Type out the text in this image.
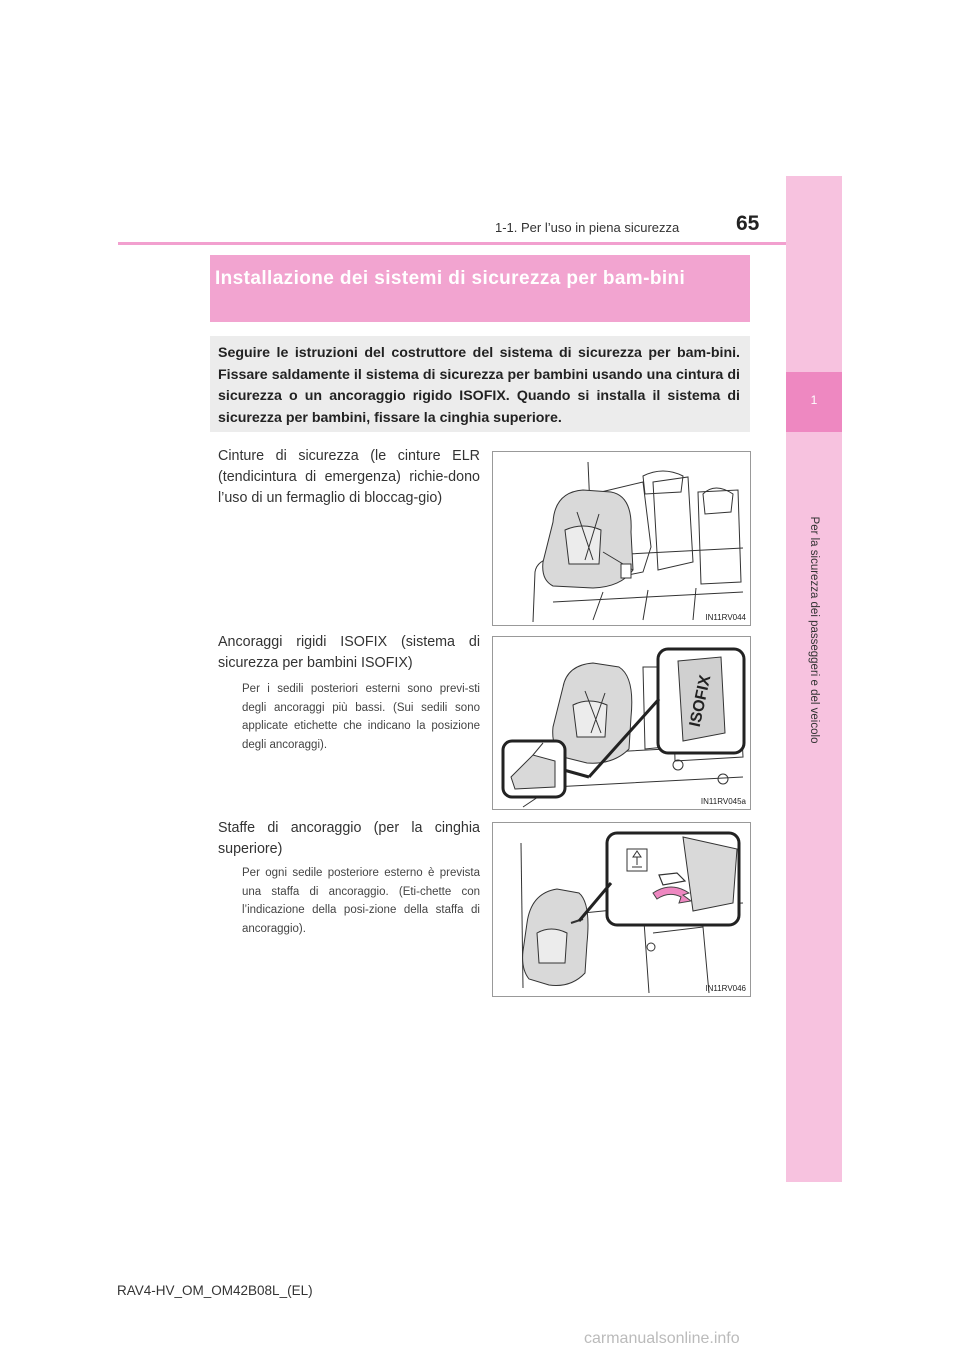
1-1. Per l’uso in piena sicurezza	65
1
Per la sicurezza dei passeggeri e del veicolo

Installazione dei sistemi di sicurezza per bam-bini

Seguire le istruzioni del costruttore del sistema di sicurezza per bam-bini. Fissare saldamente il sistema di sicurezza per bambini usando una cintura di sicurezza o un ancoraggio rigido ISOFIX. Quando si installa il sistema di sicurezza per bambini, fissare la cinghia superiore.

Cinture di sicurezza (le cinture ELR (tendicintura di emergenza) richie-dono l’uso di un fermaglio di bloccag-gio)

IN11RV044

Ancoraggi rigidi ISOFIX (sistema di sicurezza per bambini ISOFIX)

Per i sedili posteriori esterni sono previ-sti degli ancoraggi più bassi. (Sui sedili sono applicate etichette che indicano la posizione degli ancoraggi).

ISOFIX
IN11RV045a

Staffe di ancoraggio (per la cinghia superiore)

Per ogni sedile posteriore esterno è prevista una staffa di ancoraggio. (Eti-chette con l’indicazione della posi-zione della staffa di ancoraggio).

IN11RV046
RAV4-HV_OM_OM42B08L_(EL)
carmanualsonline.info
